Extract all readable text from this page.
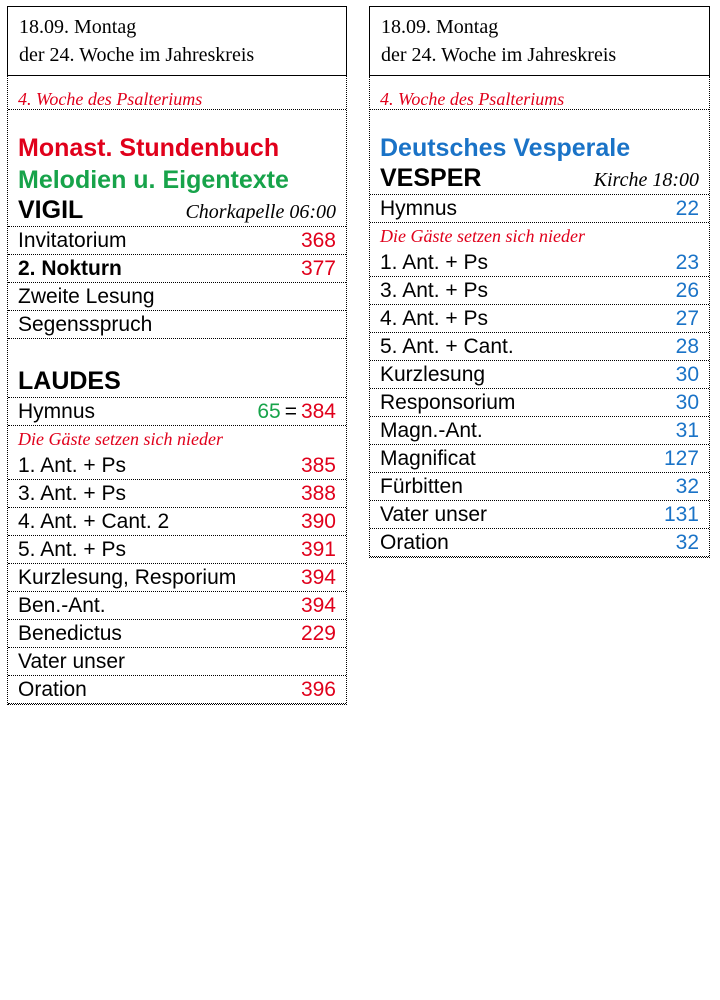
18.09. Montag
der 24. Woche im Jahreskreis
4. Woche des Psalteriums
Monast. Stundenbuch
Melodien u. Eigentexte
VIGIL	Chorkapelle 06:00
Invitatorium	368
2. Nokturn	377
Zweite Lesung
Segensspruch
LAUDES
Hymnus	65 = 384
Die Gäste setzen sich nieder
1. Ant. + Ps	385
3. Ant. + Ps	388
4. Ant. + Cant. 2	390
5. Ant. + Ps	391
Kurzlesung, Resporium	394
Ben.-Ant.	394
Benedictus	229
Vater unser
Oration	396
18.09. Montag
der 24. Woche im Jahreskreis
4. Woche des Psalteriums
Deutsches Vesperale
VESPER	Kirche 18:00
Hymnus	22
Die Gäste setzen sich nieder
1. Ant. + Ps	23
3. Ant. + Ps	26
4. Ant. + Ps	27
5. Ant. + Cant.	28
Kurzlesung	30
Responsorium	30
Magn.-Ant.	31
Magnificat	127
Fürbitten	32
Vater unser	131
Oration	32
